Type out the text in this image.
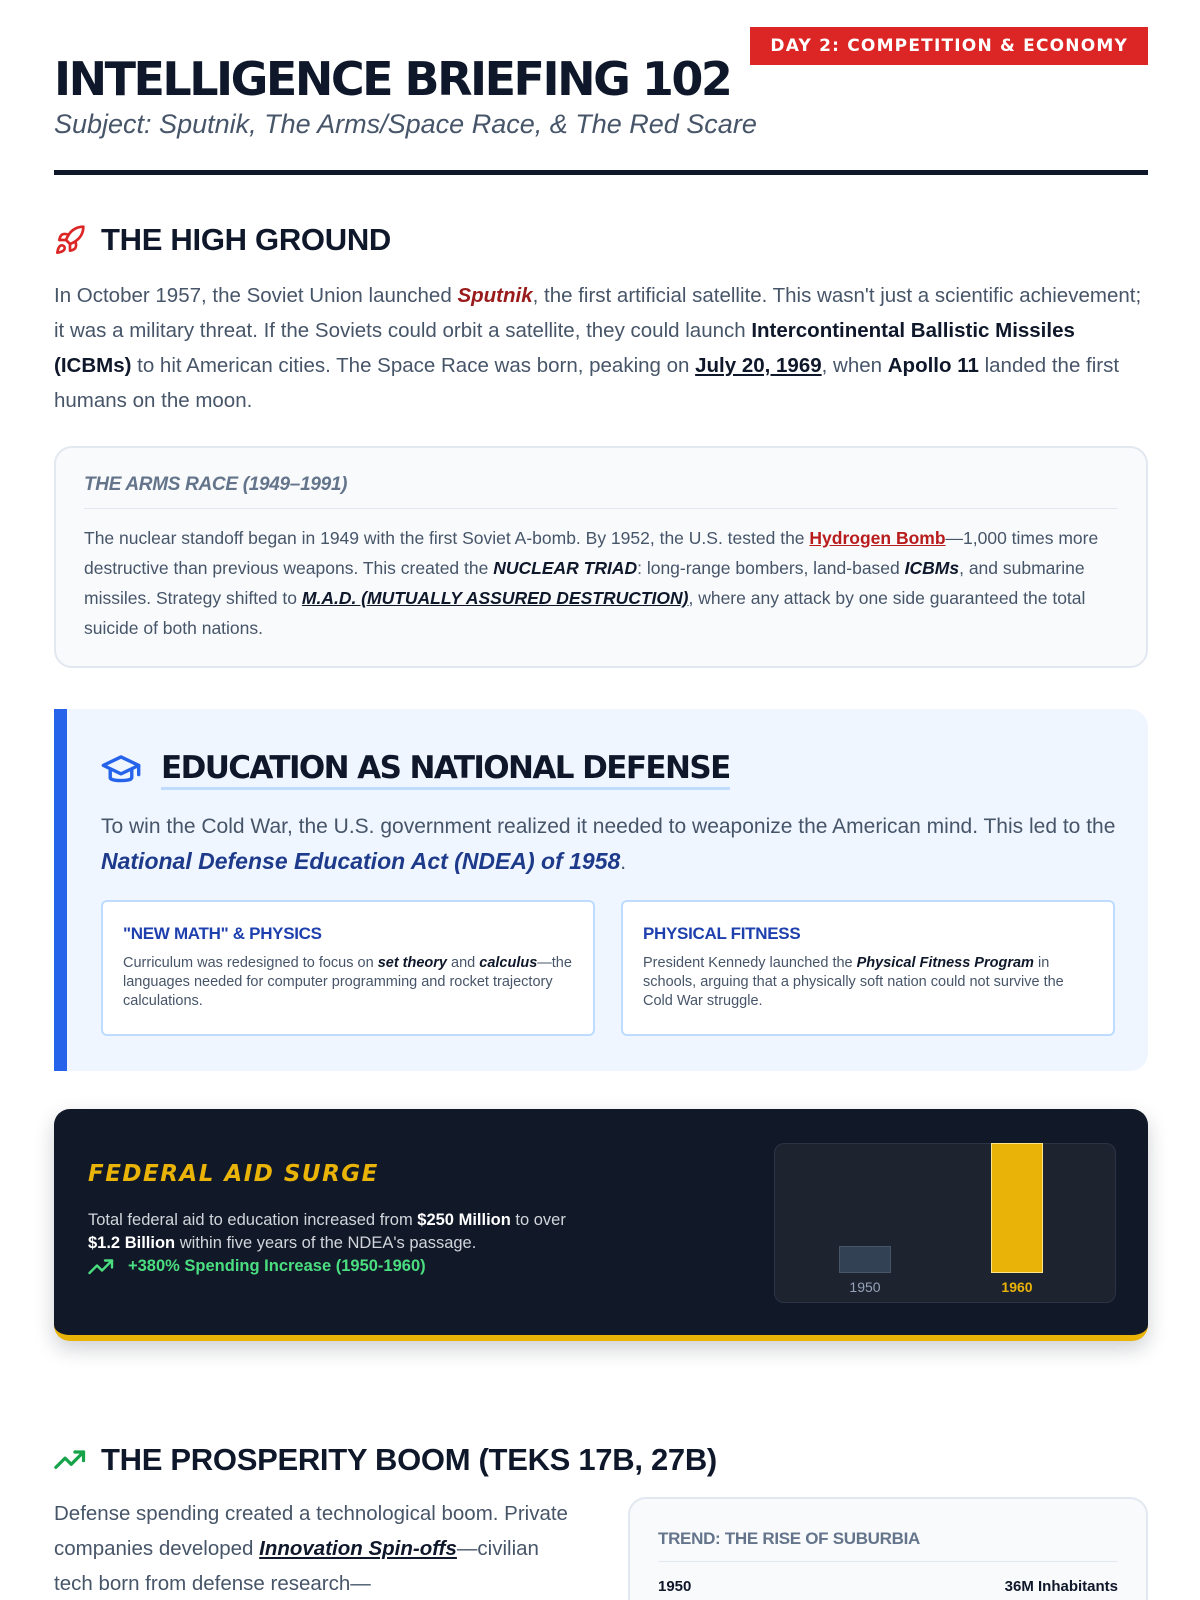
DAY 2: COMPETITION & ECONOMY
INTELLIGENCE BRIEFING 102
Subject: Sputnik, The Arms/Space Race, & The Red Scare
THE HIGH GROUND

In October 1957, the Soviet Union launched Sputnik, the first artificial satellite. This wasn't just a scientific achievement; it was a military threat. If the Soviets could orbit a satellite, they could launch Intercontinental Ballistic Missiles (ICBMs) to hit American cities. The Space Race was born, peaking on July 20, 1969, when Apollo 11 landed the first humans on the moon.

THE ARMS RACE (1949–1991)

The nuclear standoff began in 1949 with the first Soviet A-bomb. By 1952, the U.S. tested the Hydrogen Bomb—1,000 times more destructive than previous weapons. This created the NUCLEAR TRIAD: long-range bombers, land-based ICBMs, and submarine missiles. Strategy shifted to M.A.D. (MUTUALLY ASSURED DESTRUCTION), where any attack by one side guaranteed the total suicide of both nations.

EDUCATION AS NATIONAL DEFENSE

To win the Cold War, the U.S. government realized it needed to weaponize the American mind. This led to the National Defense Education Act (NDEA) of 1958.

"NEW MATH" & PHYSICS

Curriculum was redesigned to focus on set theory and calculus—the languages needed for computer programming and rocket trajectory calculations.

PHYSICAL FITNESS

President Kennedy launched the Physical Fitness Program in schools, arguing that a physically soft nation could not survive the Cold War struggle.

FEDERAL AID SURGE

Total federal aid to education increased from $250 Million to over $1.2 Billion within five years of the NDEA's passage.

+380% Spending Increase (1950-1960)
1950	1960
THE PROSPERITY BOOM (TEKS 17B, 27B)

Defense spending created a technological boom. Private companies developed Innovation Spin-offs—civilian tech born from defense research—

TREND: THE RISE OF SUBURBIA
1950	36M Inhabitants
